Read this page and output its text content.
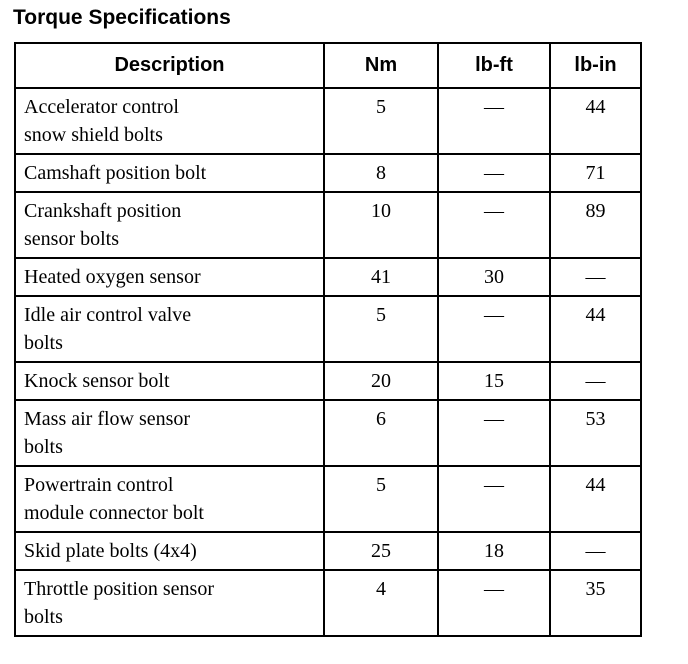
Torque Specifications
Description	Nm	lb-ft	lb-in

Accelerator control
snow shield bolts	5	—	44

Camshaft position bolt	8	—	71

Crankshaft position
sensor bolts	10	—	89

Heated oxygen sensor	41	30	—

Idle air control valve
bolts	5	—	44

Knock sensor bolt	20	15	—

Mass air flow sensor
bolts	6	—	53

Powertrain control
module connector bolt	5	—	44

Skid plate bolts (4x4)	25	18	—

Throttle position sensor
bolts	4	—	35
